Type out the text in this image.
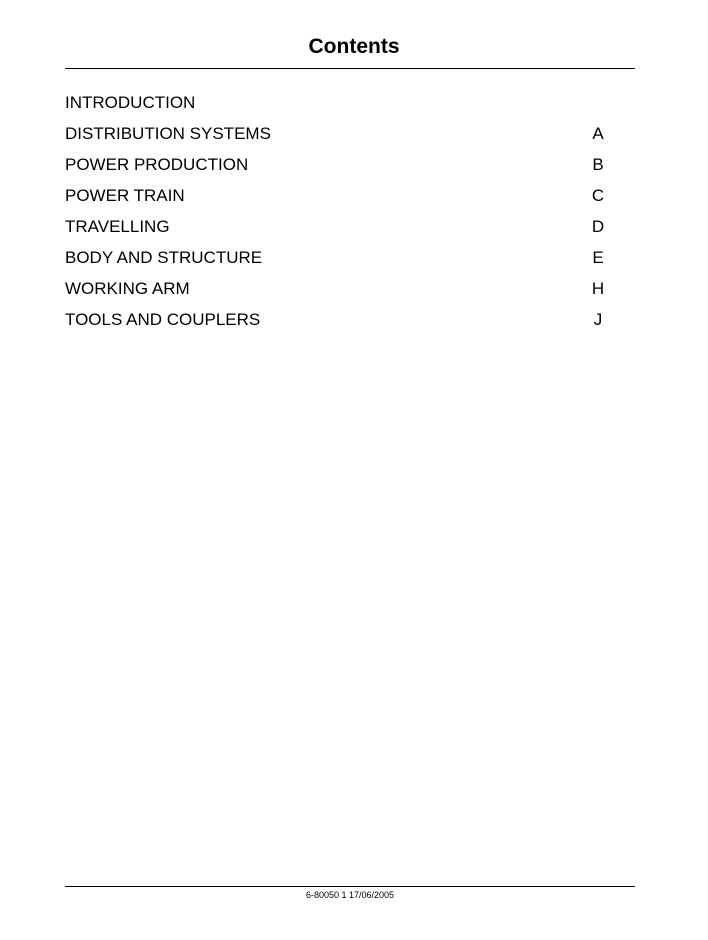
Contents
INTRODUCTION
DISTRIBUTION SYSTEMS	A
POWER PRODUCTION	B
POWER TRAIN	C
TRAVELLING	D
BODY AND STRUCTURE	E
WORKING ARM	H
TOOLS AND COUPLERS	J
6-80050 1 17/06/2005
